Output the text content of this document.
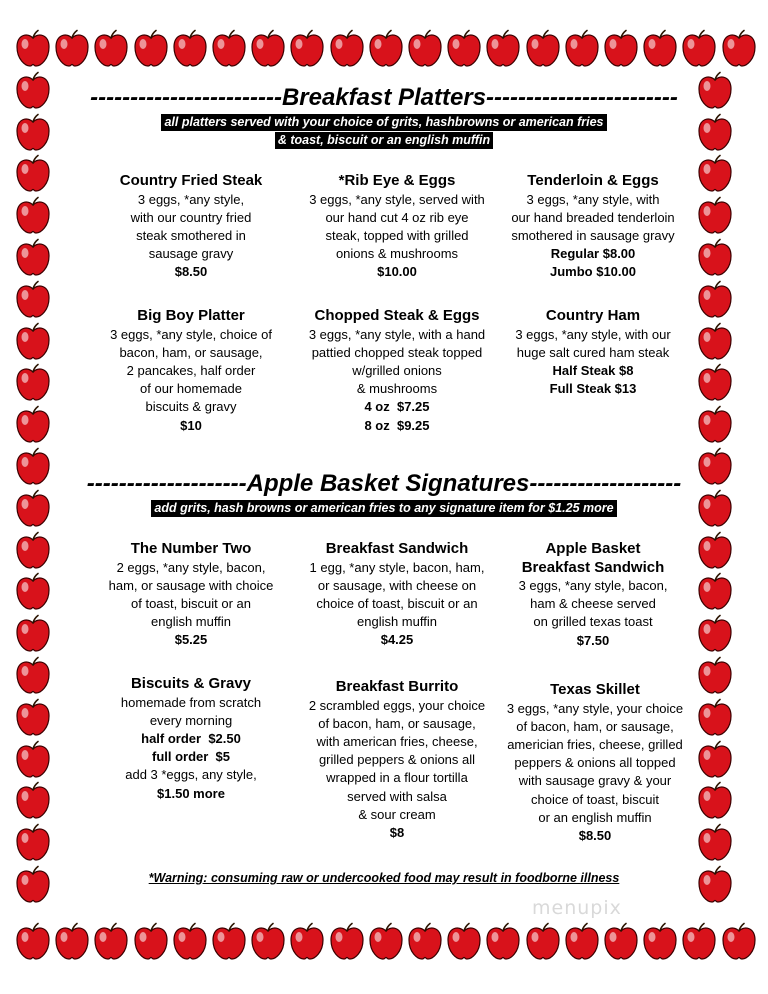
------------------------Breakfast Platters------------------------
all platters served with your choice of grits, hashbrowns or american fries
& toast, biscuit or an english muffin
Country Fried Steak
3 eggs, *any style,
with our country fried
steak smothered in
sausage gravy
$8.50
*Rib Eye & Eggs
3 eggs, *any style, served with
our hand cut 4 oz rib eye
steak, topped with grilled
onions & mushrooms
$10.00
Tenderloin & Eggs
3 eggs, *any style, with
our hand breaded tenderloin
smothered in sausage gravy
Regular $8.00
Jumbo $10.00
Big Boy Platter
3 eggs, *any style, choice of
bacon, ham, or sausage,
2 pancakes, half order
of our homemade
biscuits & gravy
$10
Chopped Steak & Eggs
3 eggs, *any style, with a hand
pattied chopped steak topped
w/grilled onions
& mushrooms
4 oz  $7.25
8 oz  $9.25
Country Ham
3 eggs, *any style, with our
huge salt cured ham steak
Half Steak $8
Full Steak $13
--------------------Apple Basket Signatures-------------------
add grits, hash browns or american fries to any signature item for $1.25 more
The Number Two
2 eggs, *any style, bacon,
ham, or sausage with choice
of toast, biscuit or an
english muffin
$5.25
Breakfast Sandwich
1 egg, *any style, bacon, ham,
or sausage, with cheese on
choice of toast, biscuit or an
english muffin
$4.25
Apple Basket
Breakfast Sandwich
3 eggs, *any style, bacon,
ham & cheese served
on grilled texas toast
$7.50
Biscuits & Gravy
homemade from scratch
every morning
half order  $2.50
full order  $5
add 3 *eggs, any style,
$1.50 more
Breakfast Burrito
2 scrambled eggs, your choice
of bacon, ham, or sausage,
with american fries, cheese,
grilled peppers & onions all
wrapped in a flour tortilla
served with salsa
& sour cream
$8
Texas Skillet
3 eggs, *any style, your choice
of bacon, ham, or sausage,
americian fries, cheese, grilled
peppers & onions all topped
with sausage gravy & your
choice of toast, biscuit
or an english muffin
$8.50
*Warning: consuming raw or undercooked food may result in foodborne illness
menupix
